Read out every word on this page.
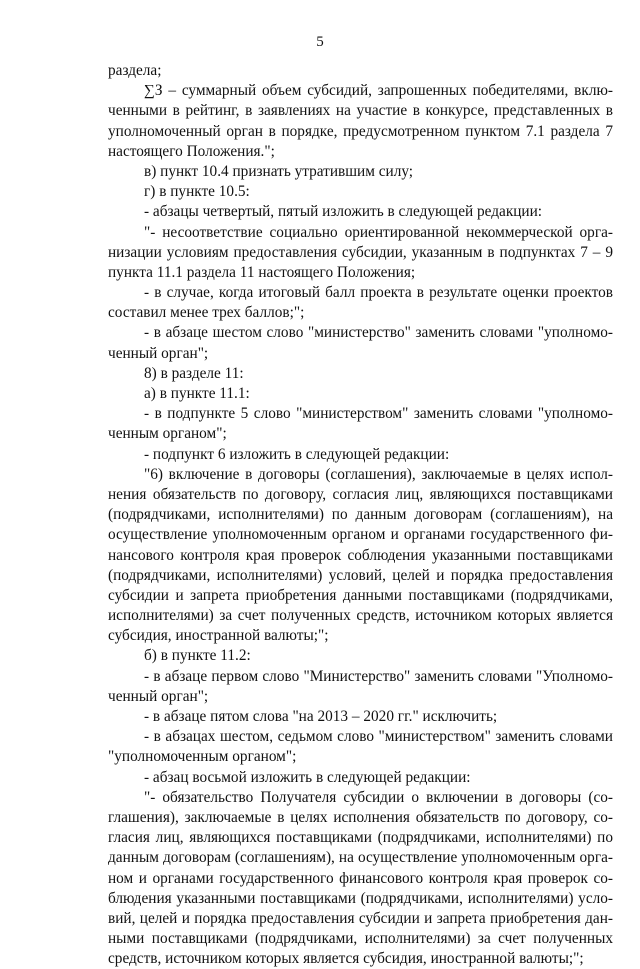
5
раздела;
∑З – суммарный объем субсидий, запрошенных победителями, вклю-
ченными в рейтинг, в заявлениях на участие в конкурсе, представленных в
уполномоченный орган в порядке, предусмотренном пунктом 7.1 раздела 7
настоящего Положения.";
в) пункт 10.4 признать утратившим силу;
г) в пункте 10.5:
- абзацы четвертый, пятый изложить в следующей редакции:
"- несоответствие социально ориентированной некоммерческой орга-
низации условиям предоставления субсидии, указанным в подпунктах 7 – 9
пункта 11.1 раздела 11 настоящего Положения;
- в случае, когда итоговый балл проекта в результате оценки проектов
составил менее трех баллов;";
- в абзаце шестом слово "министерство" заменить словами "уполномо-
ченный орган";
8) в разделе 11:
а) в пункте 11.1:
- в подпункте 5 слово "министерством" заменить словами "уполномо-
ченным органом";
- подпункт 6 изложить в следующей редакции:
"6) включение в договоры (соглашения), заключаемые в целях испол-
нения обязательств по договору, согласия лиц, являющихся поставщиками
(подрядчиками, исполнителями) по данным договорам (соглашениям), на
осуществление уполномоченным органом и органами государственного фи-
нансового контроля края проверок соблюдения указанными поставщиками
(подрядчиками, исполнителями) условий, целей и порядка предоставления
субсидии и запрета приобретения данными поставщиками (подрядчиками,
исполнителями) за счет полученных средств, источником которых является
субсидия, иностранной валюты;";
б) в пункте 11.2:
- в абзаце первом слово "Министерство" заменить словами "Уполномо-
ченный орган";
- в абзаце пятом слова "на 2013 – 2020 гг." исключить;
- в абзацах шестом, седьмом слово "министерством" заменить словами
"уполномоченным органом";
- абзац восьмой изложить в следующей редакции:
"- обязательство Получателя субсидии о включении в договоры (со-
глашения), заключаемые в целях исполнения обязательств по договору, со-
гласия лиц, являющихся поставщиками (подрядчиками, исполнителями) по
данным договорам (соглашениям), на осуществление уполномоченным орга-
ном и органами государственного финансового контроля края проверок со-
блюдения указанными поставщиками (подрядчиками, исполнителями) усло-
вий, целей и порядка предоставления субсидии и запрета приобретения дан-
ными поставщиками (подрядчиками, исполнителями) за счет полученных
средств, источником которых является субсидия, иностранной валюты;";
